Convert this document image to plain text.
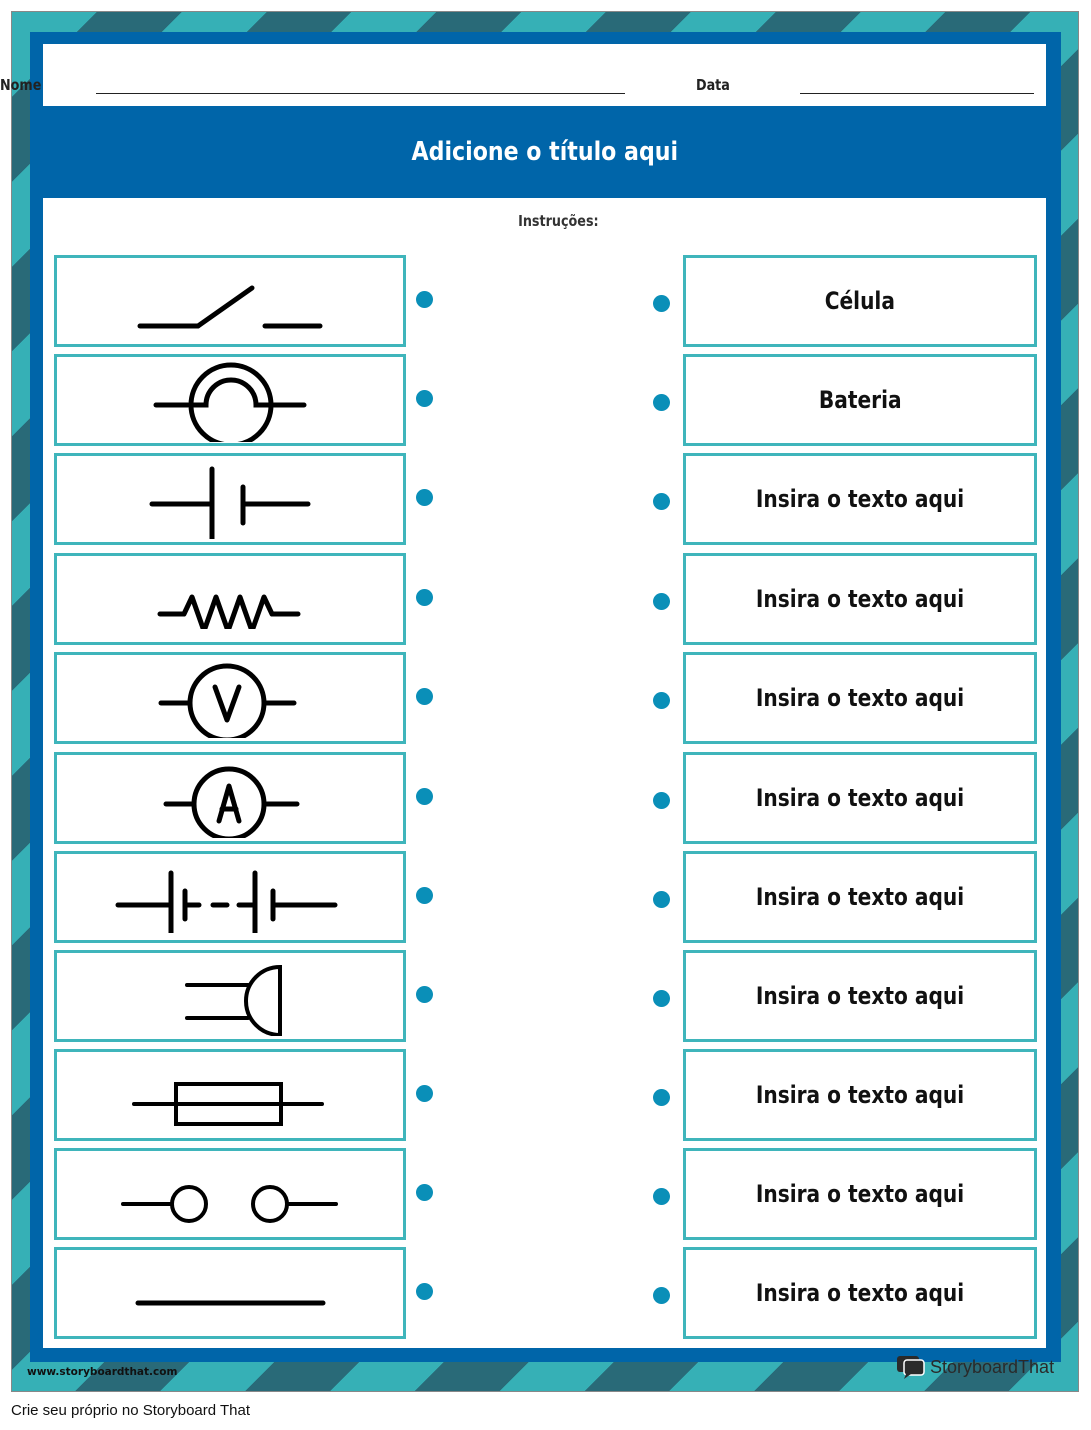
Nome	Data
Adicione o título aqui
Instruções:
Célula
Bateria
Insira o texto aqui
Insira o texto aqui
Insira o texto aqui
Insira o texto aqui
Insira o texto aqui
Insira o texto aqui
Insira o texto aqui
Insira o texto aqui
Insira o texto aqui
www.storyboardthat.com	StoryboardThat
Crie seu próprio no Storyboard That
